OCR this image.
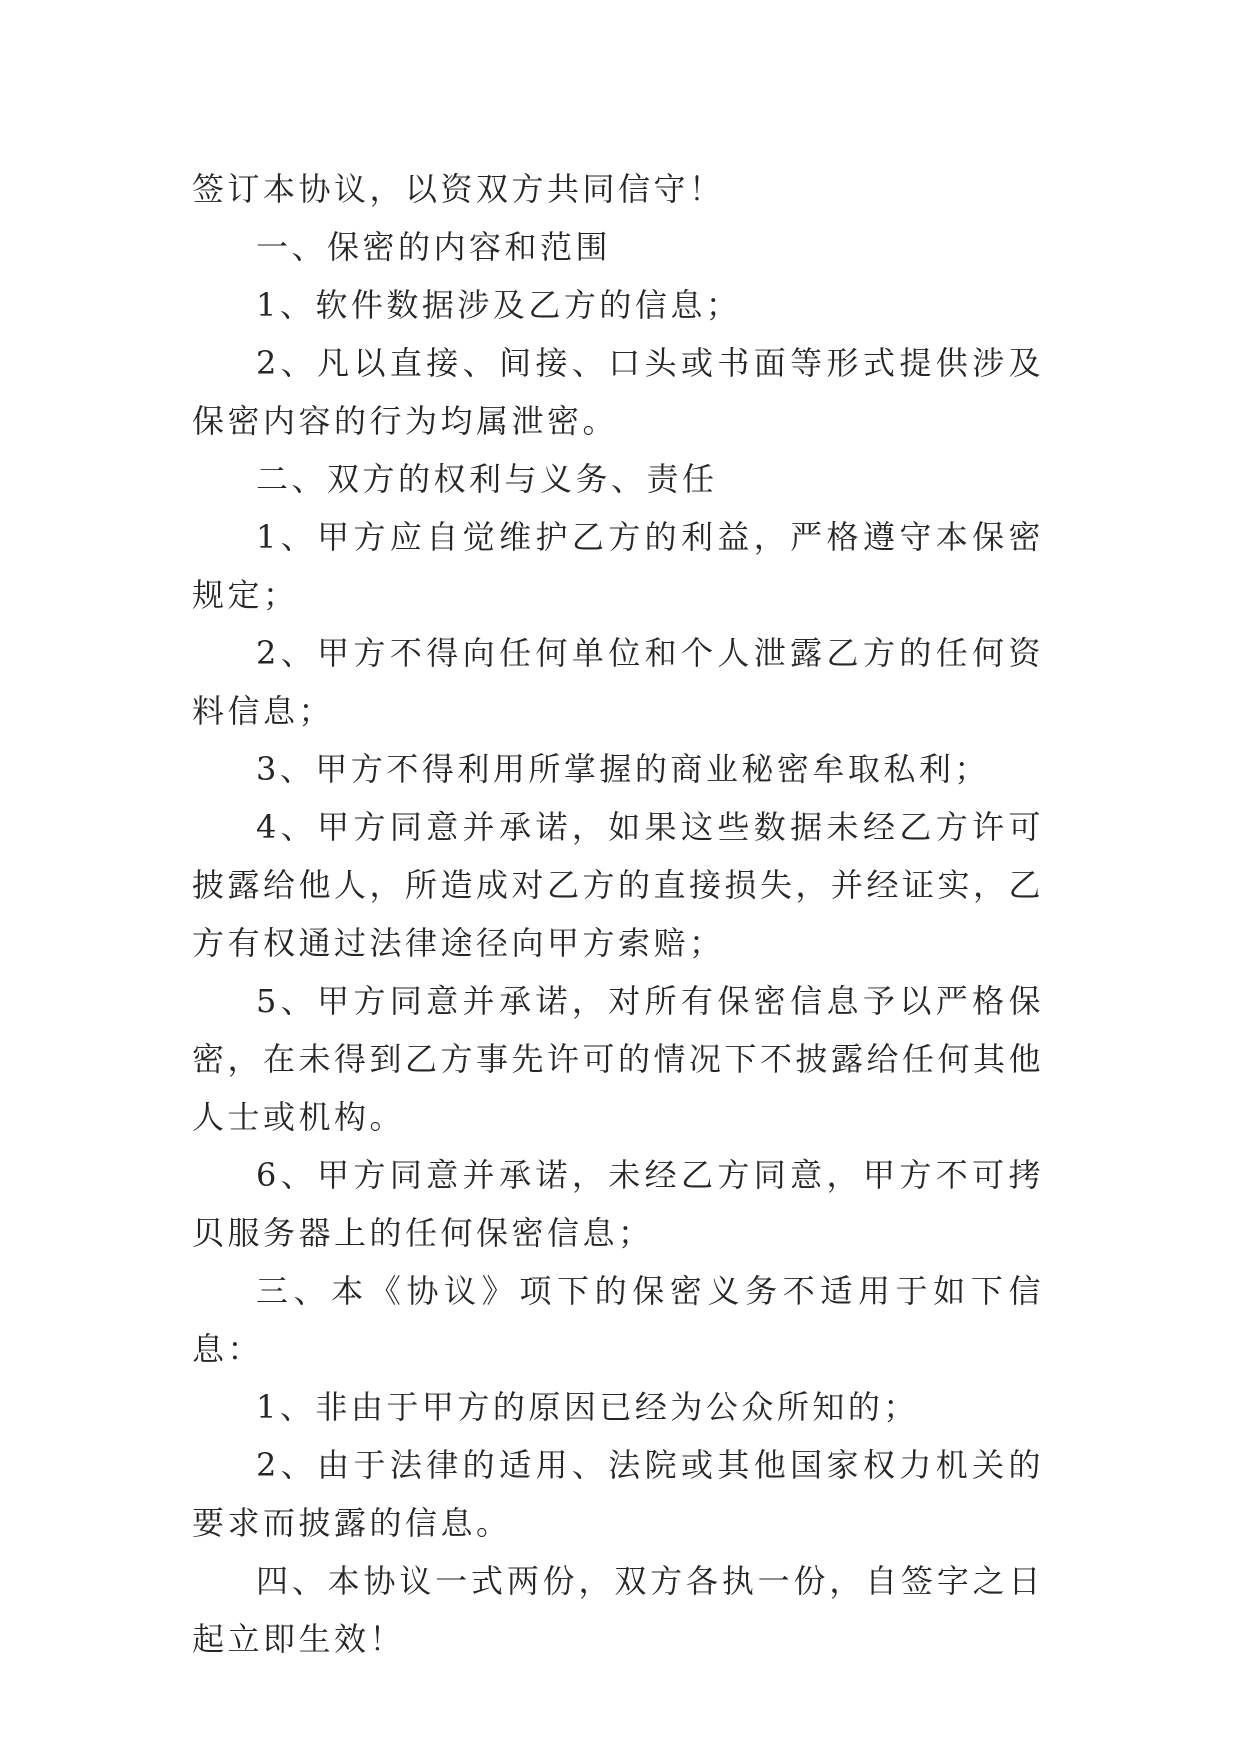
签订本协议，以资双方共同信守！

一、保密的内容和范围

1、软件数据涉及乙方的信息；

2、凡以直接、间接、口头或书面等形式提供涉及保密内容的行为均属泄密。

二、双方的权利与义务、责任

1、甲方应自觉维护乙方的利益，严格遵守本保密规定；

2、甲方不得向任何单位和个人泄露乙方的任何资料信息；

3、甲方不得利用所掌握的商业秘密牟取私利；

4、甲方同意并承诺，如果这些数据未经乙方许可披露给他人，所造成对乙方的直接损失，并经证实，乙方有权通过法律途径向甲方索赔；

5、甲方同意并承诺，对所有保密信息予以严格保密，在未得到乙方事先许可的情况下不披露给任何其他人士或机构。

6、甲方同意并承诺，未经乙方同意，甲方不可拷贝服务器上的任何保密信息；

三、本《协议》项下的保密义务不适用于如下信息：

1、非由于甲方的原因已经为公众所知的；

2、由于法律的适用、法院或其他国家权力机关的要求而披露的信息。

四、本协议一式两份，双方各执一份，自签字之日起立即生效！
